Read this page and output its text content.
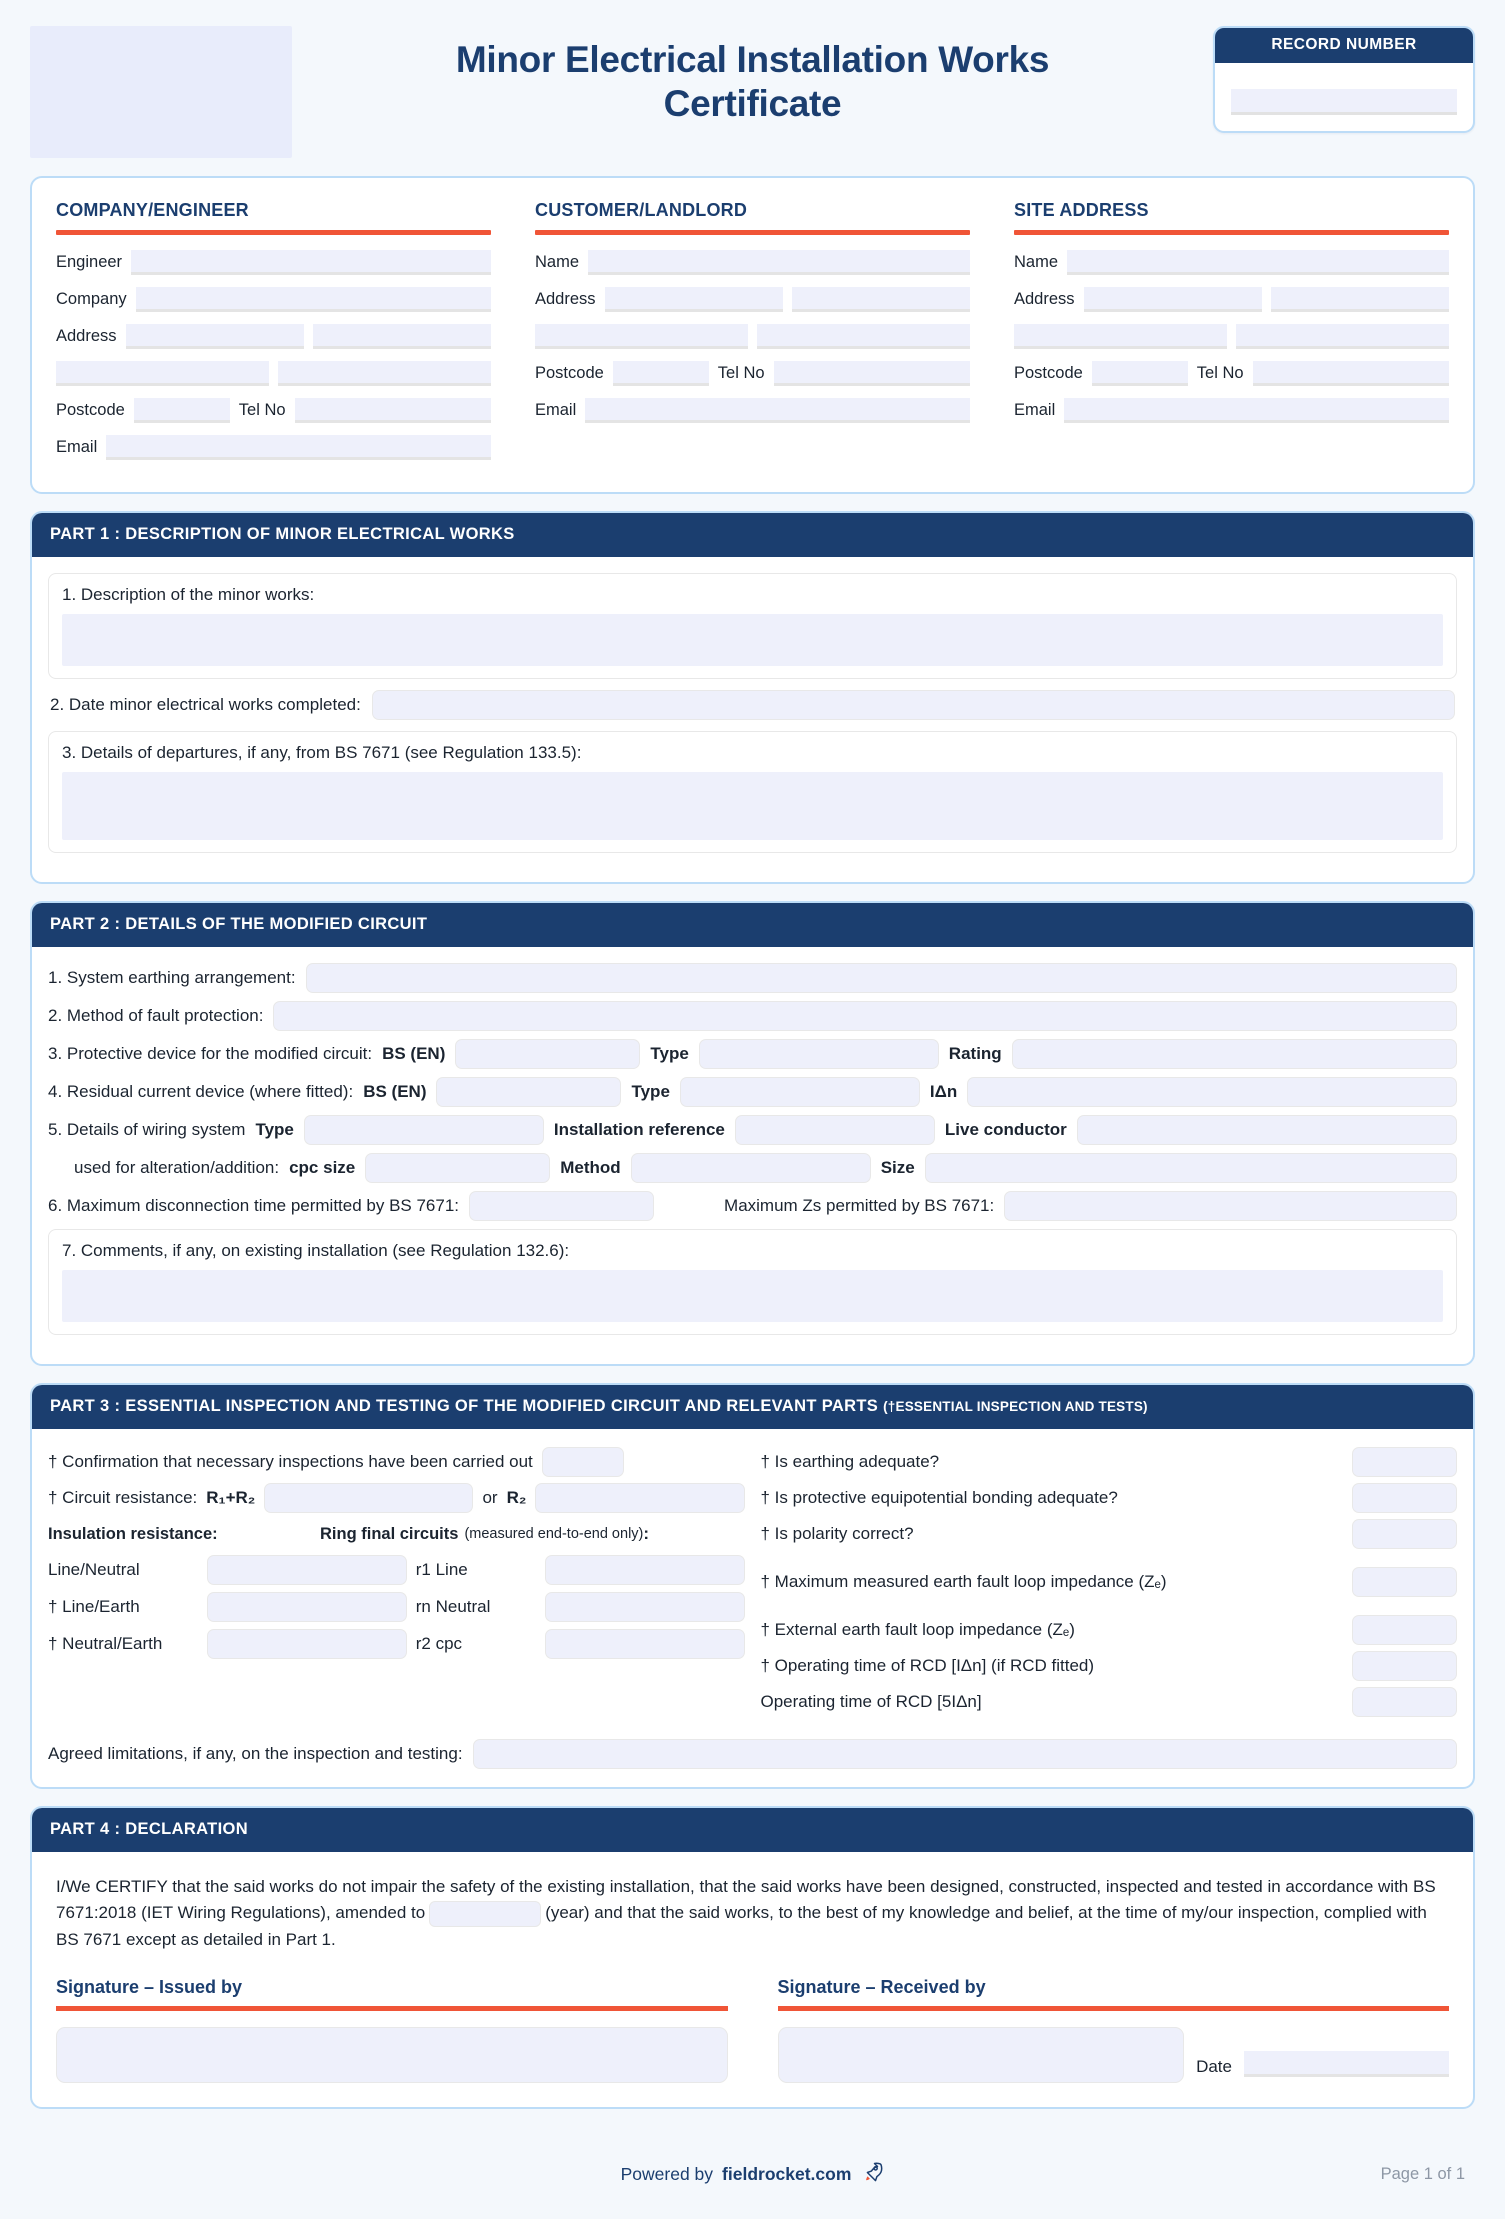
Minor Electrical Installation Works Certificate
RECORD NUMBER
COMPANY/ENGINEER
Engineer
Company
Address
Postcode	Tel No
Email
CUSTOMER/LANDLORD
Name
Address
Postcode	Tel No
Email
SITE ADDRESS
Name
Address
Postcode	Tel No
Email
PART 1 : DESCRIPTION OF MINOR ELECTRICAL WORKS
1. Description of the minor works:
2. Date minor electrical works completed:
3. Details of departures, if any, from BS 7671 (see Regulation 133.5):
PART 2 : DETAILS OF THE MODIFIED CIRCUIT
1. System earthing arrangement:
2. Method of fault protection:
3. Protective device for the modified circuit: BS (EN)	Type	Rating
4. Residual current device (where fitted): BS (EN)	Type	IΔn
5. Details of wiring system Type	Installation reference	Live conductor
used for alteration/addition: cpc size	Method	Size
6. Maximum disconnection time permitted by BS 7671:	Maximum Zs permitted by BS 7671:
7. Comments, if any, on existing installation (see Regulation 132.6):
PART 3 : ESSENTIAL INSPECTION AND TESTING OF THE MODIFIED CIRCUIT AND RELEVANT PARTS (†ESSENTIAL INSPECTION AND TESTS)
† Confirmation that necessary inspections have been carried out
† Circuit resistance: R₁+R₂	or R₂
Insulation resistance:	Ring final circuits (measured end-to-end only) :
Line/Neutral	r1 Line
† Line/Earth	rn Neutral
† Neutral/Earth	r2 cpc
† Is earthing adequate?
† Is protective equipotential bonding adequate?
† Is polarity correct?
† Maximum measured earth fault loop impedance (Zₑ)
† External earth fault loop impedance (Zₑ)
† Operating time of RCD [IΔn] (if RCD fitted)
Operating time of RCD [5IΔn]
Agreed limitations, if any, on the inspection and testing:
PART 4 : DECLARATION
I/We CERTIFY that the said works do not impair the safety of the existing installation, that the said works have been designed, constructed, inspected and tested in accordance with BS 7671:2018 (IET Wiring Regulations), amended to	(year) and that the said works, to the best of my knowledge and belief, at the time of my/our inspection, complied with BS 7671 except as detailed in Part 1.
Signature – Issued by	Signature – Received by
Date
Powered by fieldrocket.com	Page 1 of 1
